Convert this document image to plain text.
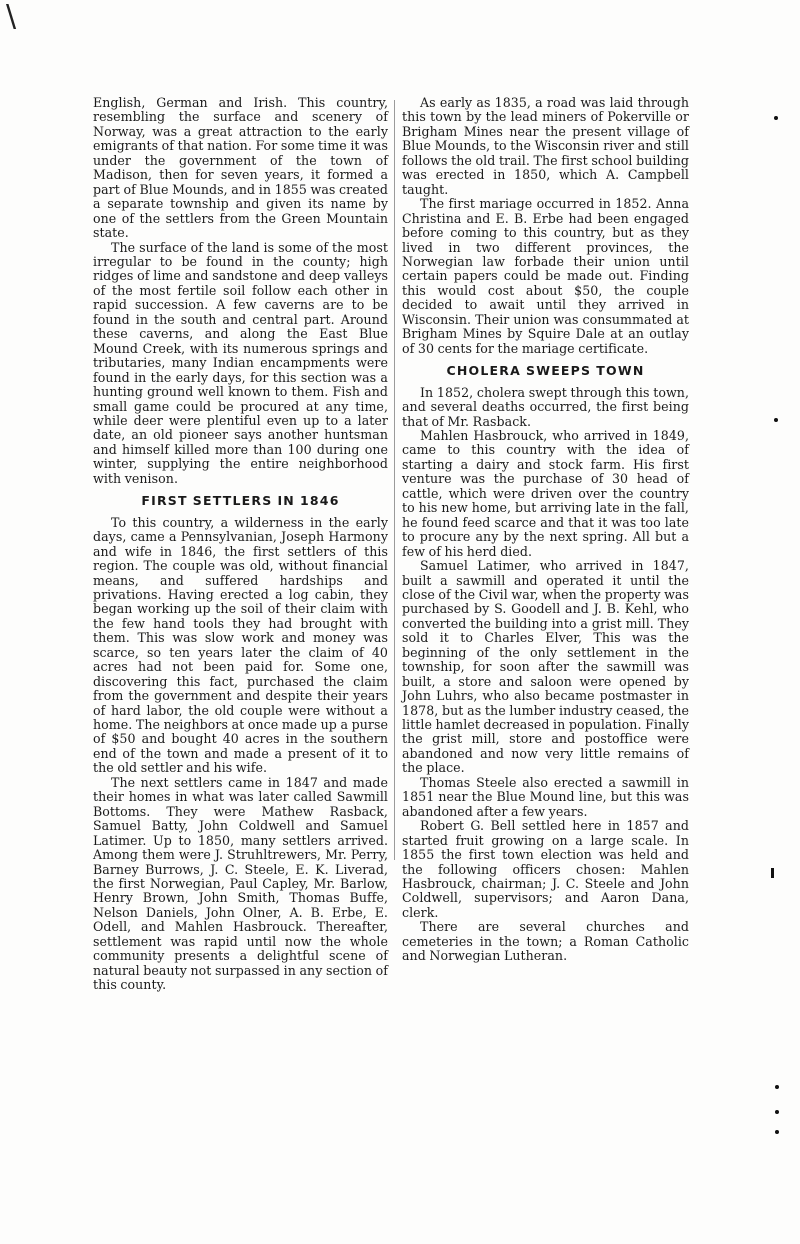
\

English, German and Irish. This country, resembling the surface and scenery of Norway, was a great attraction to the early emigrants of that nation. For some time it was under the government of the town of Madison, then for seven years, it formed a part of Blue Mounds, and in 1855 was created a separate township and given its name by one of the settlers from the Green Mountain state.

The surface of the land is some of the most irregular to be found in the county; high ridges of lime and sandstone and deep valleys of the most fertile soil follow each other in rapid succession. A few caverns are to be found in the south and central part. Around these caverns, and along the East Blue Mound Creek, with its numerous springs and tributaries, many Indian encampments were found in the early days, for this section was a hunting ground well known to them. Fish and small game could be procured at any time, while deer were plentiful even up to a later date, an old pioneer says another huntsman and himself killed more than 100 during one winter, supplying the entire neighborhood with venison.

FIRST SETTLERS IN 1846

To this country, a wilderness in the early days, came a Pennsylvanian, Joseph Harmony and wife in 1846, the first settlers of this region. The couple was old, without financial means, and suffered hardships and privations. Having erected a log cabin, they began working up the soil of their claim with the few hand tools they had brought with them. This was slow work and money was scarce, so ten years later the claim of 40 acres had not been paid for. Some one, discovering this fact, purchased the claim from the government and despite their years of hard labor, the old couple were without a home. The neighbors at once made up a purse of $50 and bought 40 acres in the southern end of the town and made a present of it to the old settler and his wife.

The next settlers came in 1847 and made their homes in what was later called Sawmill Bottoms. They were Mathew Rasback, Samuel Batty, John Coldwell and Samuel Latimer. Up to 1850, many settlers arrived. Among them were J. Struhltrewers, Mr. Perry, Barney Burrows, J. C. Steele, E. K. Liverad, the first Norwegian, Paul Capley, Mr. Barlow, Henry Brown, John Smith, Thomas Buffe, Nelson Daniels, John Olner, A. B. Erbe, E. Odell, and Mahlen Hasbrouck. Thereafter, settlement was rapid until now the whole community presents a delightful scene of natural beauty not surpassed in any section of this county.

As early as 1835, a road was laid through this town by the lead miners of Pokerville or Brigham Mines near the present village of Blue Mounds, to the Wisconsin river and still follows the old trail. The first school building was erected in 1850, which A. Campbell taught.

The first mariage occurred in 1852. Anna Christina and E. B. Erbe had been engaged before coming to this country, but as they lived in two different provinces, the Norwegian law forbade their union until certain papers could be made out. Finding this would cost about $50, the couple decided to await until they arrived in Wisconsin. Their union was consummated at Brigham Mines by Squire Dale at an outlay of 30 cents for the mariage certificate.

CHOLERA SWEEPS TOWN

In 1852, cholera swept through this town, and several deaths occurred, the first being that of Mr. Rasback.

Mahlen Hasbrouck, who arrived in 1849, came to this country with the idea of starting a dairy and stock farm. His first venture was the purchase of 30 head of cattle, which were driven over the country to his new home, but arriving late in the fall, he found feed scarce and that it was too late to procure any by the next spring. All but a few of his herd died.

Samuel Latimer, who arrived in 1847, built a sawmill and operated it until the close of the Civil war, when the property was purchased by S. Goodell and J. B. Kehl, who converted the building into a grist mill. They sold it to Charles Elver, This was the beginning of the only settlement in the township, for soon after the sawmill was built, a store and saloon were opened by John Luhrs, who also became postmaster in 1878, but as the lumber industry ceased, the little hamlet decreased in population. Finally the grist mill, store and postoffice were abandoned and now very little remains of the place.

Thomas Steele also erected a sawmill in 1851 near the Blue Mound line, but this was abandoned after a few years.

Robert G. Bell settled here in 1857 and started fruit growing on a large scale. In 1855 the first town election was held and the following officers chosen: Mahlen Hasbrouck, chairman; J. C. Steele and John Coldwell, supervisors; and Aaron Dana, clerk.

There are several churches and cemeteries in the town; a Roman Catholic and Norwegian Lutheran.
